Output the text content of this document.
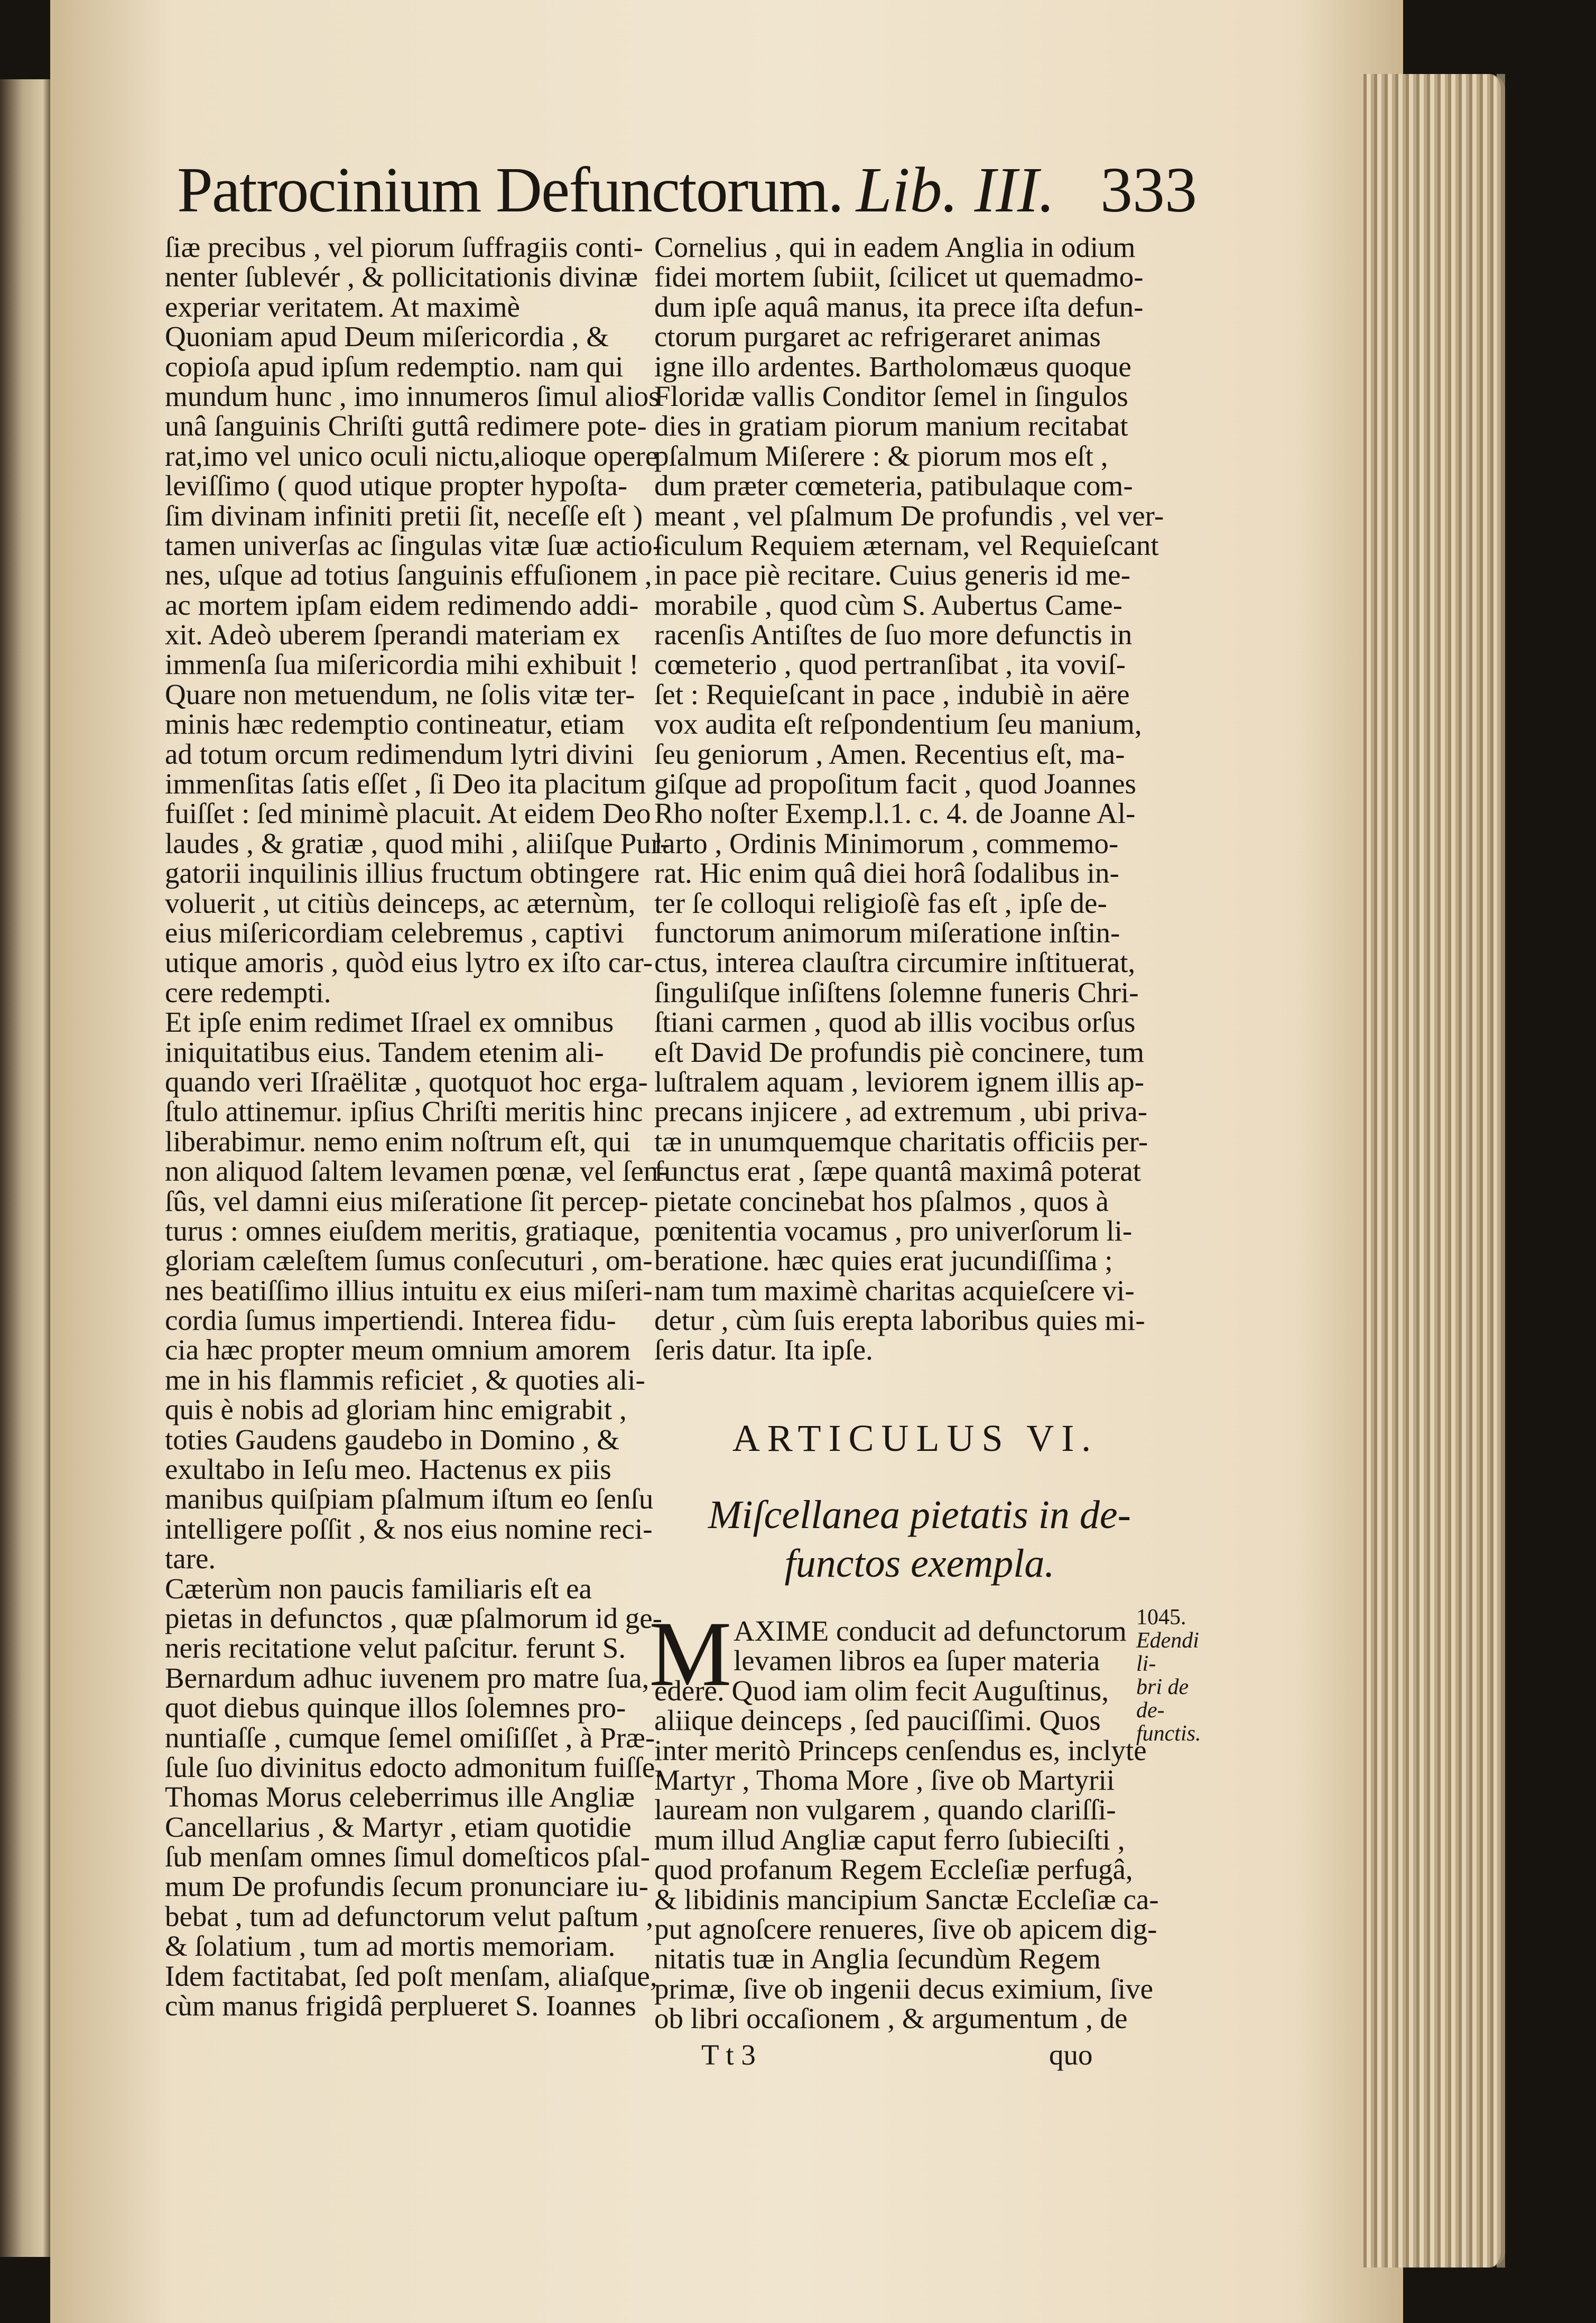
Patrocinium Defunctorum. Lib. III. 333
ſiæ precibus , vel piorum ſuffragiis conti-
nenter ſublevér , & pollicitationis divinæ
experiar veritatem. At maximè
Quoniam apud Deum miſericordia , &
copioſa apud ipſum redemptio. nam qui
mundum hunc , imo innumeros ſimul alios
unâ ſanguinis Chriſti guttâ redimere pote-
rat,imo vel unico oculi nictu,alioque opere
leviſſimo ( quod utique propter hypoſta-
ſim divinam infiniti pretii ſit, neceſſe eſt )
tamen univerſas ac ſingulas vitæ ſuæ actio-
nes, uſque ad totius ſanguinis effuſionem ,
ac mortem ipſam eidem redimendo addi-
xit. Adeò uberem ſperandi materiam ex
immenſa ſua miſericordia mihi exhibuit !
Quare non metuendum, ne ſolis vitæ ter-
minis hæc redemptio contineatur, etiam
ad totum orcum redimendum lytri divini
immenſitas ſatis eſſet , ſi Deo ita placitum
fuiſſet : ſed minimè placuit. At eidem Deo
laudes , & gratiæ , quod mihi , aliiſque Pur-
gatorii inquilinis illius fructum obtingere
voluerit , ut citiùs deinceps, ac æternùm,
eius miſericordiam celebremus , captivi
utique amoris , quòd eius lytro ex iſto car-
cere redempti.
Et ipſe enim redimet Iſrael ex omnibus
iniquitatibus eius. Tandem etenim ali-
quando veri Iſraëlitæ , quotquot hoc erga-
ſtulo attinemur. ipſius Chriſti meritis hinc
liberabimur. nemo enim noſtrum eſt, qui
non aliquod ſaltem levamen pœnæ, vel ſen-
ſûs, vel damni eius miſeratione ſit percep-
turus : omnes eiuſdem meritis, gratiaque,
gloriam cæleſtem ſumus conſecuturi , om-
nes beatiſſimo illius intuitu ex eius miſeri-
cordia ſumus impertiendi. Interea fidu-
cia hæc propter meum omnium amorem
me in his flammis reficiet , & quoties ali-
quis è nobis ad gloriam hinc emigrabit ,
toties Gaudens gaudebo in Domino , &
exultabo in Ieſu meo. Hactenus ex piis
manibus quiſpiam pſalmum iſtum eo ſenſu
intelligere poſſit , & nos eius nomine reci-
tare.
Cæterùm non paucis familiaris eſt ea
pietas in defunctos , quæ pſalmorum id ge-
neris recitatione velut paſcitur. ferunt S.
Bernardum adhuc iuvenem pro matre ſua,
quot diebus quinque illos ſolemnes pro-
nuntiaſſe , cumque ſemel omiſiſſet , à Præ-
ſule ſuo divinitus edocto admonitum fuiſſe.
Thomas Morus celeberrimus ille Angliæ
Cancellarius , & Martyr , etiam quotidie
ſub menſam omnes ſimul domeſticos pſal-
mum De profundis ſecum pronunciare iu-
bebat , tum ad defunctorum velut paſtum ,
& ſolatium , tum ad mortis memoriam.
Idem factitabat, ſed poſt menſam, aliaſque,
cùm manus frigidâ perplueret S. Ioannes
Cornelius , qui in eadem Anglia in odium
fidei mortem ſubiit, ſcilicet ut quemadmo-
dum ipſe aquâ manus, ita prece iſta defun-
ctorum purgaret ac refrigeraret animas
igne illo ardentes. Bartholomæus quoque
Floridæ vallis Conditor ſemel in ſingulos
dies in gratiam piorum manium recitabat
pſalmum Miſerere : & piorum mos eſt ,
dum præter cœmeteria, patibulaque com-
meant , vel pſalmum De profundis , vel ver-
ſiculum Requiem æternam, vel Requieſcant
in pace piè recitare. Cuius generis id me-
morabile , quod cùm S. Aubertus Came-
racenſis Antiſtes de ſuo more defunctis in
cœmeterio , quod pertranſibat , ita voviſ-
ſet : Requieſcant in pace , indubiè in aëre
vox audita eſt reſpondentium ſeu manium,
ſeu geniorum , Amen. Recentius eſt, ma-
giſque ad propoſitum facit , quod Joannes
Rho noſter Exemp.l.1. c. 4. de Joanne Al-
larto , Ordinis Minimorum , commemo-
rat. Hic enim quâ diei horâ ſodalibus in-
ter ſe colloqui religioſè fas eſt , ipſe de-
functorum animorum miſeratione inſtin-
ctus, interea clauſtra circumire inſtituerat,
ſinguliſque inſiſtens ſolemne funeris Chri-
ſtiani carmen , quod ab illis vocibus orſus
eſt David De profundis piè concinere, tum
luſtralem aquam , leviorem ignem illis ap-
precans injicere , ad extremum , ubi priva-
tæ in unumquemque charitatis officiis per-
functus erat , ſæpe quantâ maximâ poterat
pietate concinebat hos pſalmos , quos à
pœnitentia vocamus , pro univerſorum li-
beratione. hæc quies erat jucundiſſima ;
nam tum maximè charitas acquieſcere vi-
detur , cùm ſuis erepta laboribus quies mi-
ſeris datur. Ita ipſe.
ARTICULUS VI.
Miſcellanea pietatis in de-
functos exempla.
M AXIME conducit ad defunctorum
levamen libros ea ſuper materia
edere. Quod iam olim fecit Auguſtinus,
aliique deinceps , ſed pauciſſimi. Quos
inter meritò Princeps cenſendus es, inclyte
Martyr , Thoma More , ſive ob Martyrii
lauream non vulgarem , quando clariſſi-
mum illud Angliæ caput ferro ſubieciſti ,
quod profanum Regem Eccleſiæ perfugâ,
& libidinis mancipium Sanctæ Eccleſiæ ca-
put agnoſcere renueres, ſive ob apicem dig-
nitatis tuæ in Anglia ſecundùm Regem
primæ, ſive ob ingenii decus eximium, ſive
ob libri occaſionem , & argumentum , de
1045.
Edendi li-
bri de de-
functis.
T t 3	quo
